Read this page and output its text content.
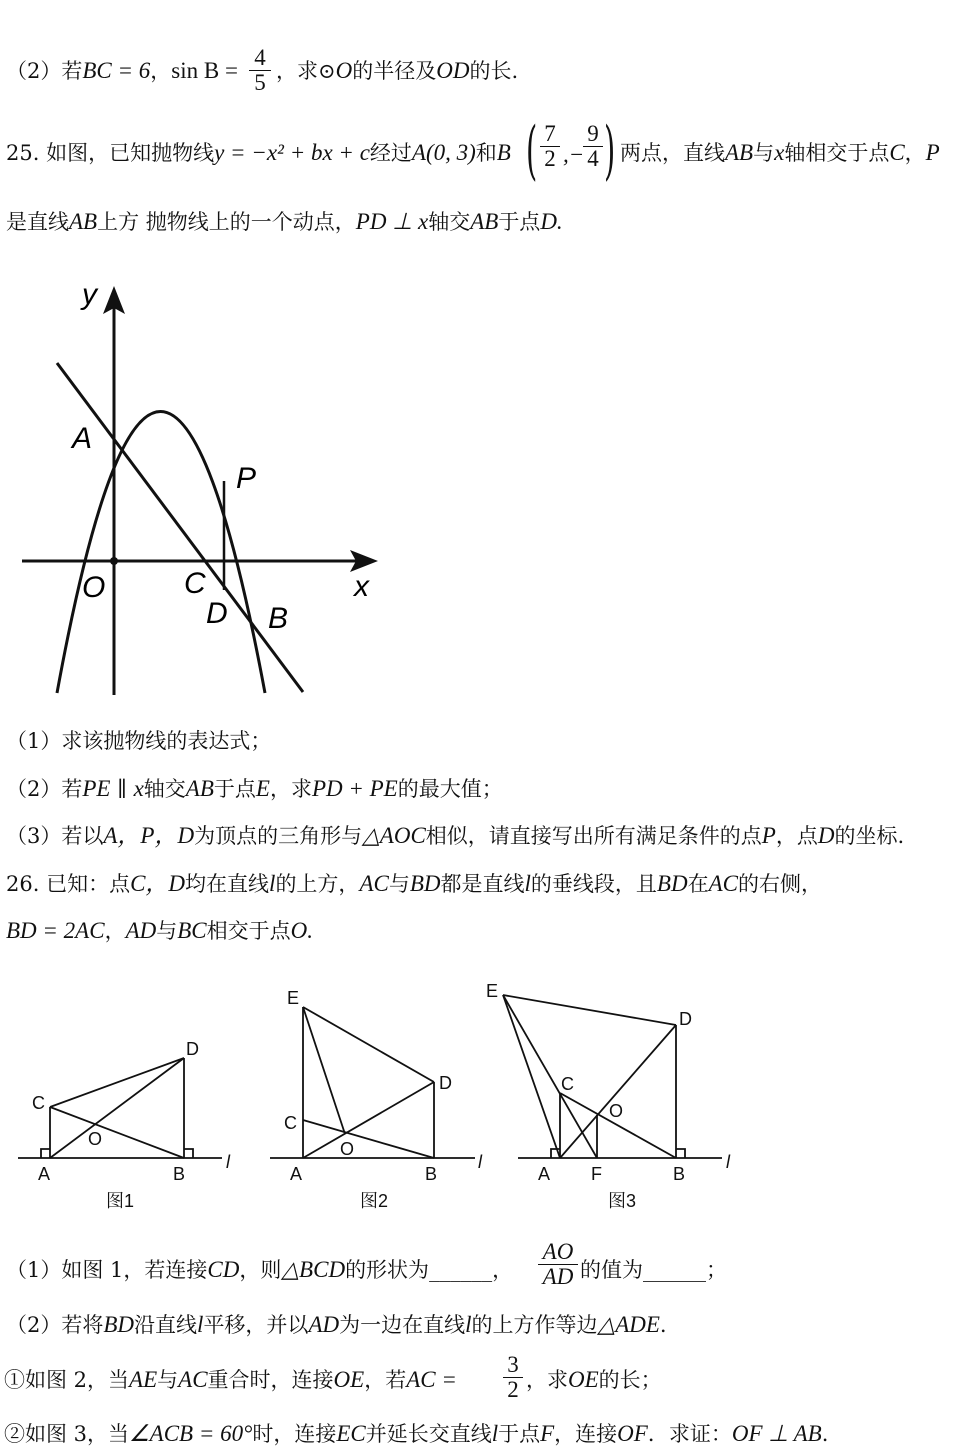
（2）若BC = 6，$\sin B = \frac{4}{5}$ ，求⊙O的半径及OD的长.
25. 如图，已知抛物线y = −x² + bx + c经过A(0, 3)和B ( $\frac{7}{2}$ ,−
$\frac{9}{4}$ ) 两点，直线AB与x轴相交于点C，P
是直线AB上方 抛物线上的一个动点，PD ⊥ x轴交AB于点D.
y
x
A
O	C
D B
P
（1）求该抛物线的表达式；
（2）若PE ∥ x轴交AB于点E，求PD + PE的最大值；
（3）若以A，P，D为顶点的三角形与△AOC相似，请直接写出所有满足条件的点P，点D的坐标.
26. 已知：点C，D均在直线l的上方，AC与BD都是直线l的垂线段，且BD在AC的右侧，
BD = 2AC，AD与BC相交于点O.
C
D
O
A	B
l
图1
E
C
D
O
A	B
l
图2
E
D
C
O
A F	B
l
图3
（1）如图 1，若连接CD，则△BCD的形状为______， $\frac{AO}{AD}$ 的值为______；
（2）若将BD沿直线l平移，并以AD为一边在直线l的上方作等边△ADE.
①如图 2，当AE与AC重合时，连接OE，若AC = $\frac{3}{2}$ ，求OE的长；
②如图 3，当∠ACB = 60°时，连接EC并延长交直线l于点F，连接OF．求证：OF ⊥ AB.
